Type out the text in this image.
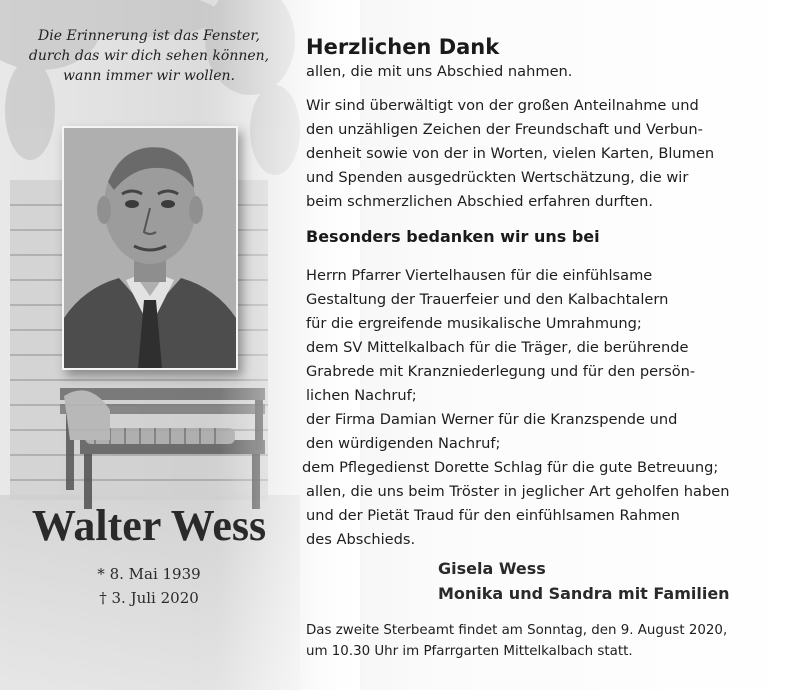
Die Erinnerung ist das Fenster,
durch das wir dich sehen können,
wann immer wir wollen.

Walter Wess
* 8. Mai 1939
† 3. Juli 2020
Herzlichen Dank

allen, die mit uns Abschied nahmen.

Wir sind überwältigt von der großen Anteilnahme und
den unzähligen Zeichen der Freundschaft und Verbun-
denheit sowie von der in Worten, vielen Karten, Blumen
und Spenden ausgedrückten Wertschätzung, die wir
beim schmerzlichen Abschied erfahren durften.
Besonders bedanken wir uns bei
Herrn Pfarrer Viertelhausen für die einfühlsame
Gestaltung der Trauerfeier und den Kalbachtalern
für die ergreifende musikalische Umrahmung;
dem SV Mittelkalbach für die Träger, die berührende
Grabrede mit Kranzniederlegung und für den persön-
lichen Nachruf;
der Firma Damian Werner für die Kranzspende und
den würdigenden Nachruf;
dem Pflegedienst Dorette Schlag für die gute Betreuung;
allen, die uns beim Tröster in jeglicher Art geholfen haben
und der Pietät Traud für den einfühlsamen Rahmen
des Abschieds.
Gisela Wess
Monika und Sandra mit Familien
Das zweite Sterbeamt findet am Sonntag, den 9. August 2020,
um 10.30 Uhr im Pfarrgarten Mittelkalbach statt.
